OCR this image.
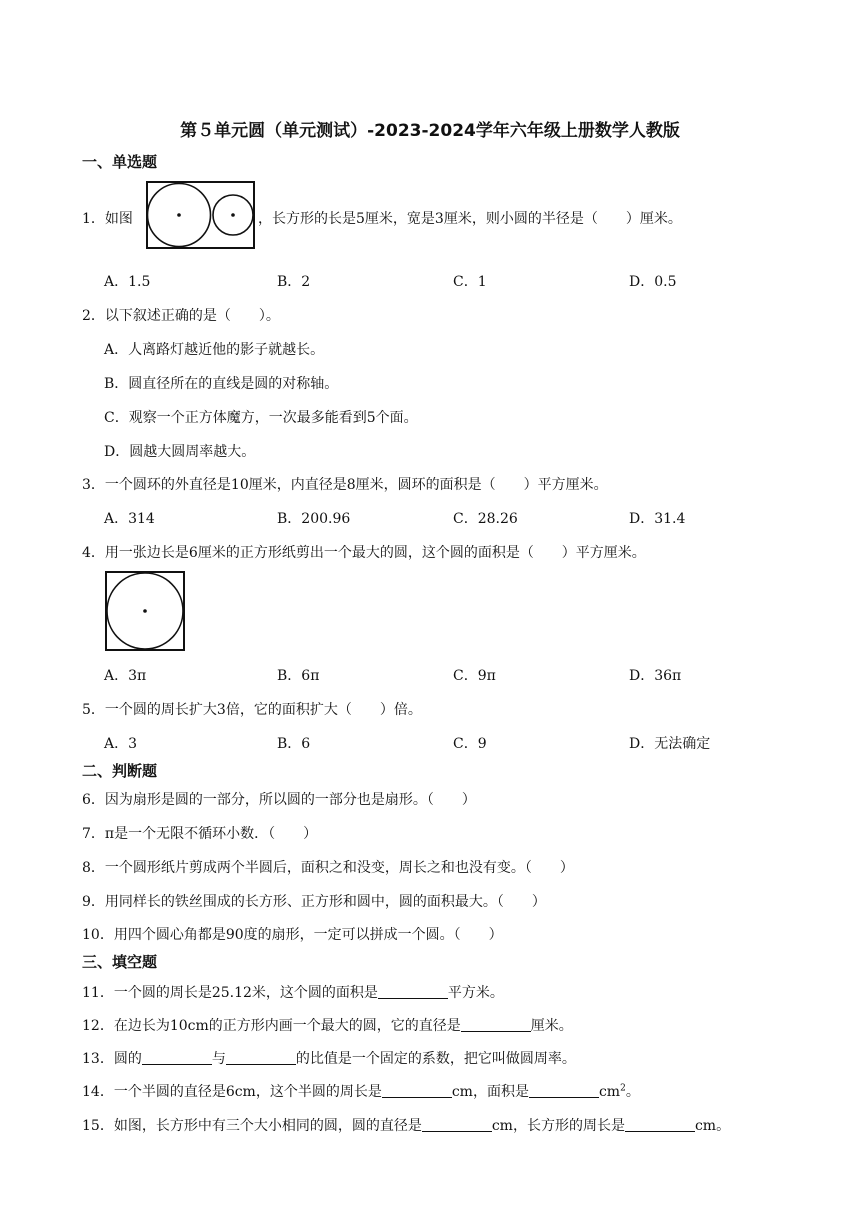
第５单元圆（单元测试）-2023-2024学年六年级上册数学人教版
一、单选题
1．如图	，长方形的长是5厘米，宽是3厘米，则小圆的半径是（　　）厘米。
A．1.5	B．2	C．1	D．0.5
2．以下叙述正确的是（　　）。
A．人离路灯越近他的影子就越长。
B．圆直径所在的直线是圆的对称轴。
C．观察一个正方体魔方，一次最多能看到5个面。
D．圆越大圆周率越大。
3．一个圆环的外直径是10厘米，内直径是8厘米，圆环的面积是（　　）平方厘米。
A．314	B．200.96	C．28.26	D．31.4
4．用一张边长是6厘米的正方形纸剪出一个最大的圆，这个圆的面积是（　　）平方厘米。
A．3π	B．6π	C．9π	D．36π
5．一个圆的周长扩大3倍，它的面积扩大（　　）倍。
A．3	B．6	C．9	D．无法确定
二、判断题
6．因为扇形是圆的一部分，所以圆的一部分也是扇形。（　　）
7．π是一个无限不循环小数．（　　）
8．一个圆形纸片剪成两个半圆后，面积之和没变，周长之和也没有变。（　　）
9．用同样长的铁丝围成的长方形、正方形和圆中，圆的面积最大。（　　）
10．用四个圆心角都是90度的扇形，一定可以拼成一个圆。（　　）
三、填空题
11．一个圆的周长是25.12米，这个圆的面积是	平方米。
12．在边长为10cm的正方形内画一个最大的圆，它的直径是	厘米。
13．圆的	与	的比值是一个固定的系数，把它叫做圆周率。
14．一个半圆的直径是6cm，这个半圆的周长是	cm，面积是	$cm^2$。
15．如图，长方形中有三个大小相同的圆，圆的直径是	cm，长方形的周长是	cm。
